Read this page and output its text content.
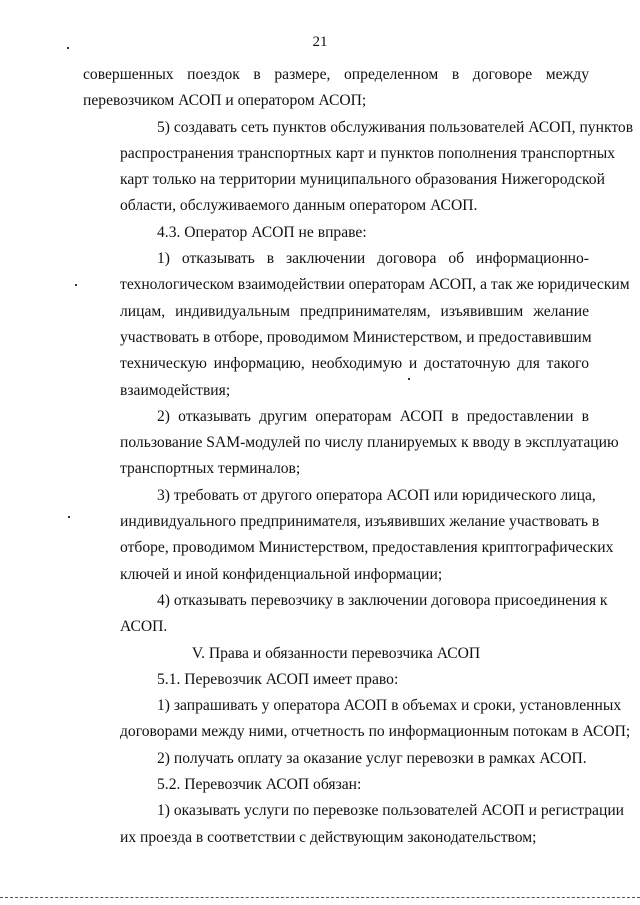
21

совершенных поездок в размере, определенном в договоре между
перевозчиком АСОП и оператором АСОП;

5) создавать сеть пунктов обслуживания пользователей АСОП, пунктов
распространения транспортных карт и пунктов пополнения транспортных
карт только на территории муниципального образования Нижегородской
области, обслуживаемого данным оператором АСОП.

4.3. Оператор АСОП не вправе:

1) отказывать в заключении договора об информационно-
технологическом взаимодействии операторам АСОП, а так же юридическим
лицам, индивидуальным предпринимателям, изъявившим желание
участвовать в отборе, проводимом Министерством, и предоставившим
техническую информацию, необходимую и достаточную для такого
взаимодействия;

2) отказывать другим операторам АСОП в предоставлении в
пользование SAM-модулей по числу планируемых к вводу в эксплуатацию
транспортных терминалов;

3) требовать от другого оператора АСОП или юридического лица,
индивидуального предпринимателя, изъявивших желание участвовать в
отборе, проводимом Министерством, предоставления криптографических
ключей и иной конфиденциальной информации;

4) отказывать перевозчику в заключении договора присоединения к
АСОП.

V. Права и обязанности перевозчика АСОП

5.1. Перевозчик АСОП имеет право:

1) запрашивать у оператора АСОП в объемах и сроки, установленных
договорами между ними, отчетность по информационным потокам в АСОП;

2) получать оплату за оказание услуг перевозки в рамках АСОП.

5.2. Перевозчик АСОП обязан:

1) оказывать услуги по перевозке пользователей АСОП и регистрации
их проезда в соответствии с действующим законодательством;
